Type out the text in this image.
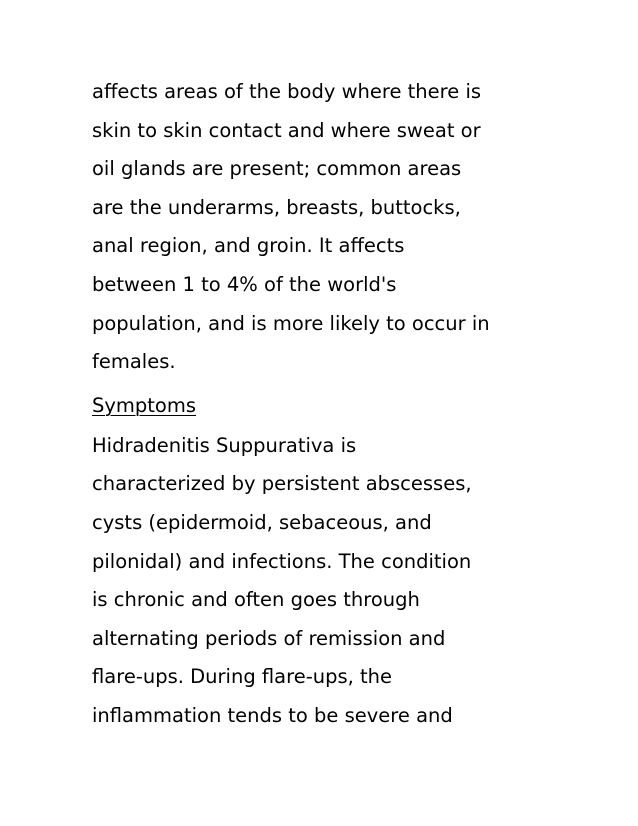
affects areas of the body where there is
skin to skin contact and where sweat or
oil glands are present; common areas
are the underarms, breasts, buttocks,
anal region, and groin. It affects
between 1 to 4% of the world's
population, and is more likely to occur in
females.
Symptoms
Hidradenitis Suppurativa is
characterized by persistent abscesses,
cysts (epidermoid, sebaceous, and
pilonidal) and infections. The condition
is chronic and often goes through
alternating periods of remission and
flare-ups. During flare-ups, the
inflammation tends to be severe and
